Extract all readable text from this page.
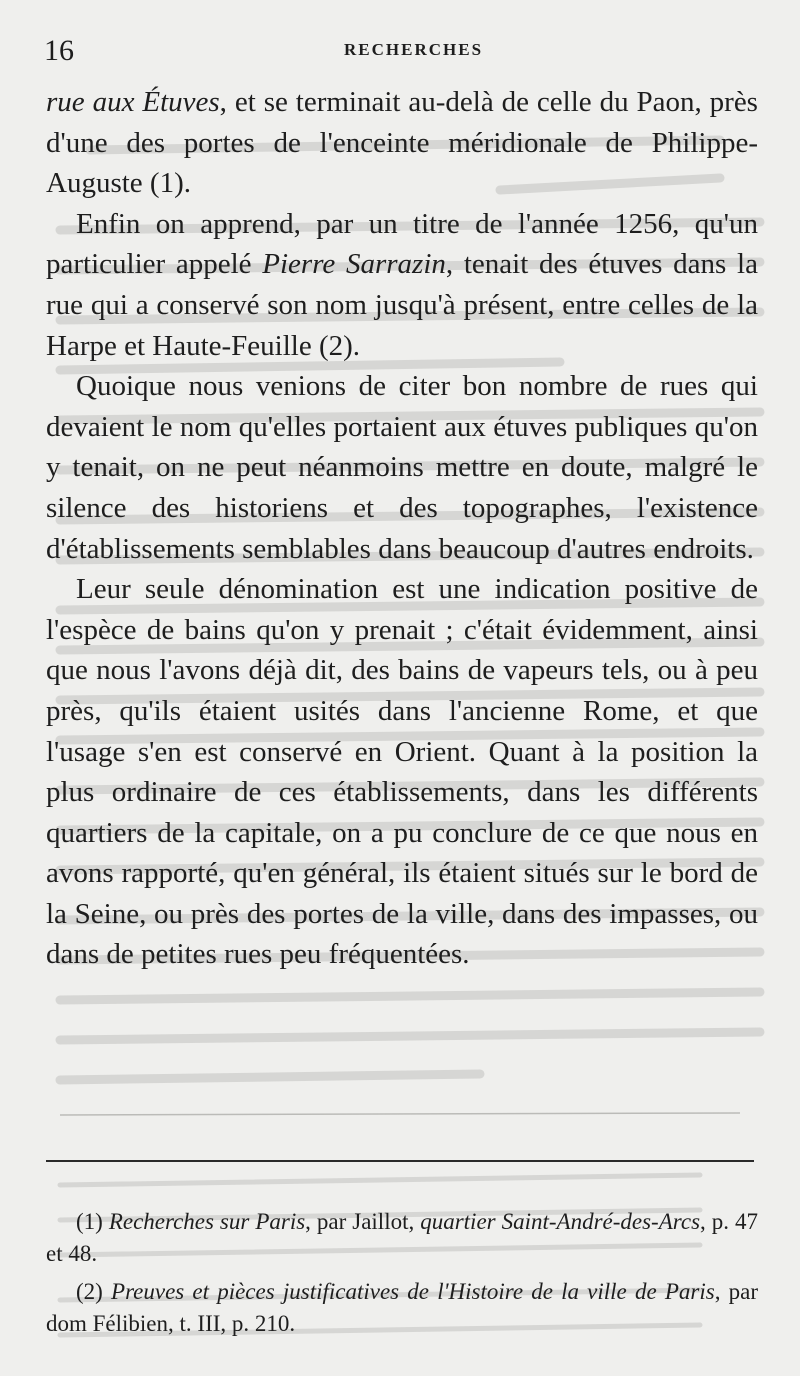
16	RECHERCHES

rue aux Étuves, et se terminait au-delà de celle du Paon, près d'une des portes de l'enceinte méridionale de Philippe-Auguste (1).

Enfin on apprend, par un titre de l'année 1256, qu'un particulier appelé Pierre Sarrazin, tenait des étuves dans la rue qui a conservé son nom jusqu'à présent, entre celles de la Harpe et Haute-Feuille (2).

Quoique nous venions de citer bon nombre de rues qui devaient le nom qu'elles portaient aux étuves publiques qu'on y tenait, on ne peut néanmoins mettre en doute, malgré le silence des historiens et des topographes, l'existence d'établissements semblables dans beaucoup d'autres endroits.

Leur seule dénomination est une indication positive de l'espèce de bains qu'on y prenait ; c'était évidemment, ainsi que nous l'avons déjà dit, des bains de vapeurs tels, ou à peu près, qu'ils étaient usités dans l'ancienne Rome, et que l'usage s'en est conservé en Orient. Quant à la position la plus ordinaire de ces établissements, dans les différents quartiers de la capitale, on a pu conclure de ce que nous en avons rapporté, qu'en général, ils étaient situés sur le bord de la Seine, ou près des portes de la ville, dans des impasses, ou dans de petites rues peu fréquentées.

(1) Recherches sur Paris, par Jaillot, quartier Saint-André-des-Arcs, p. 47 et 48.

(2) Preuves et pièces justificatives de l'Histoire de la ville de Paris, par dom Félibien, t. III, p. 210.
